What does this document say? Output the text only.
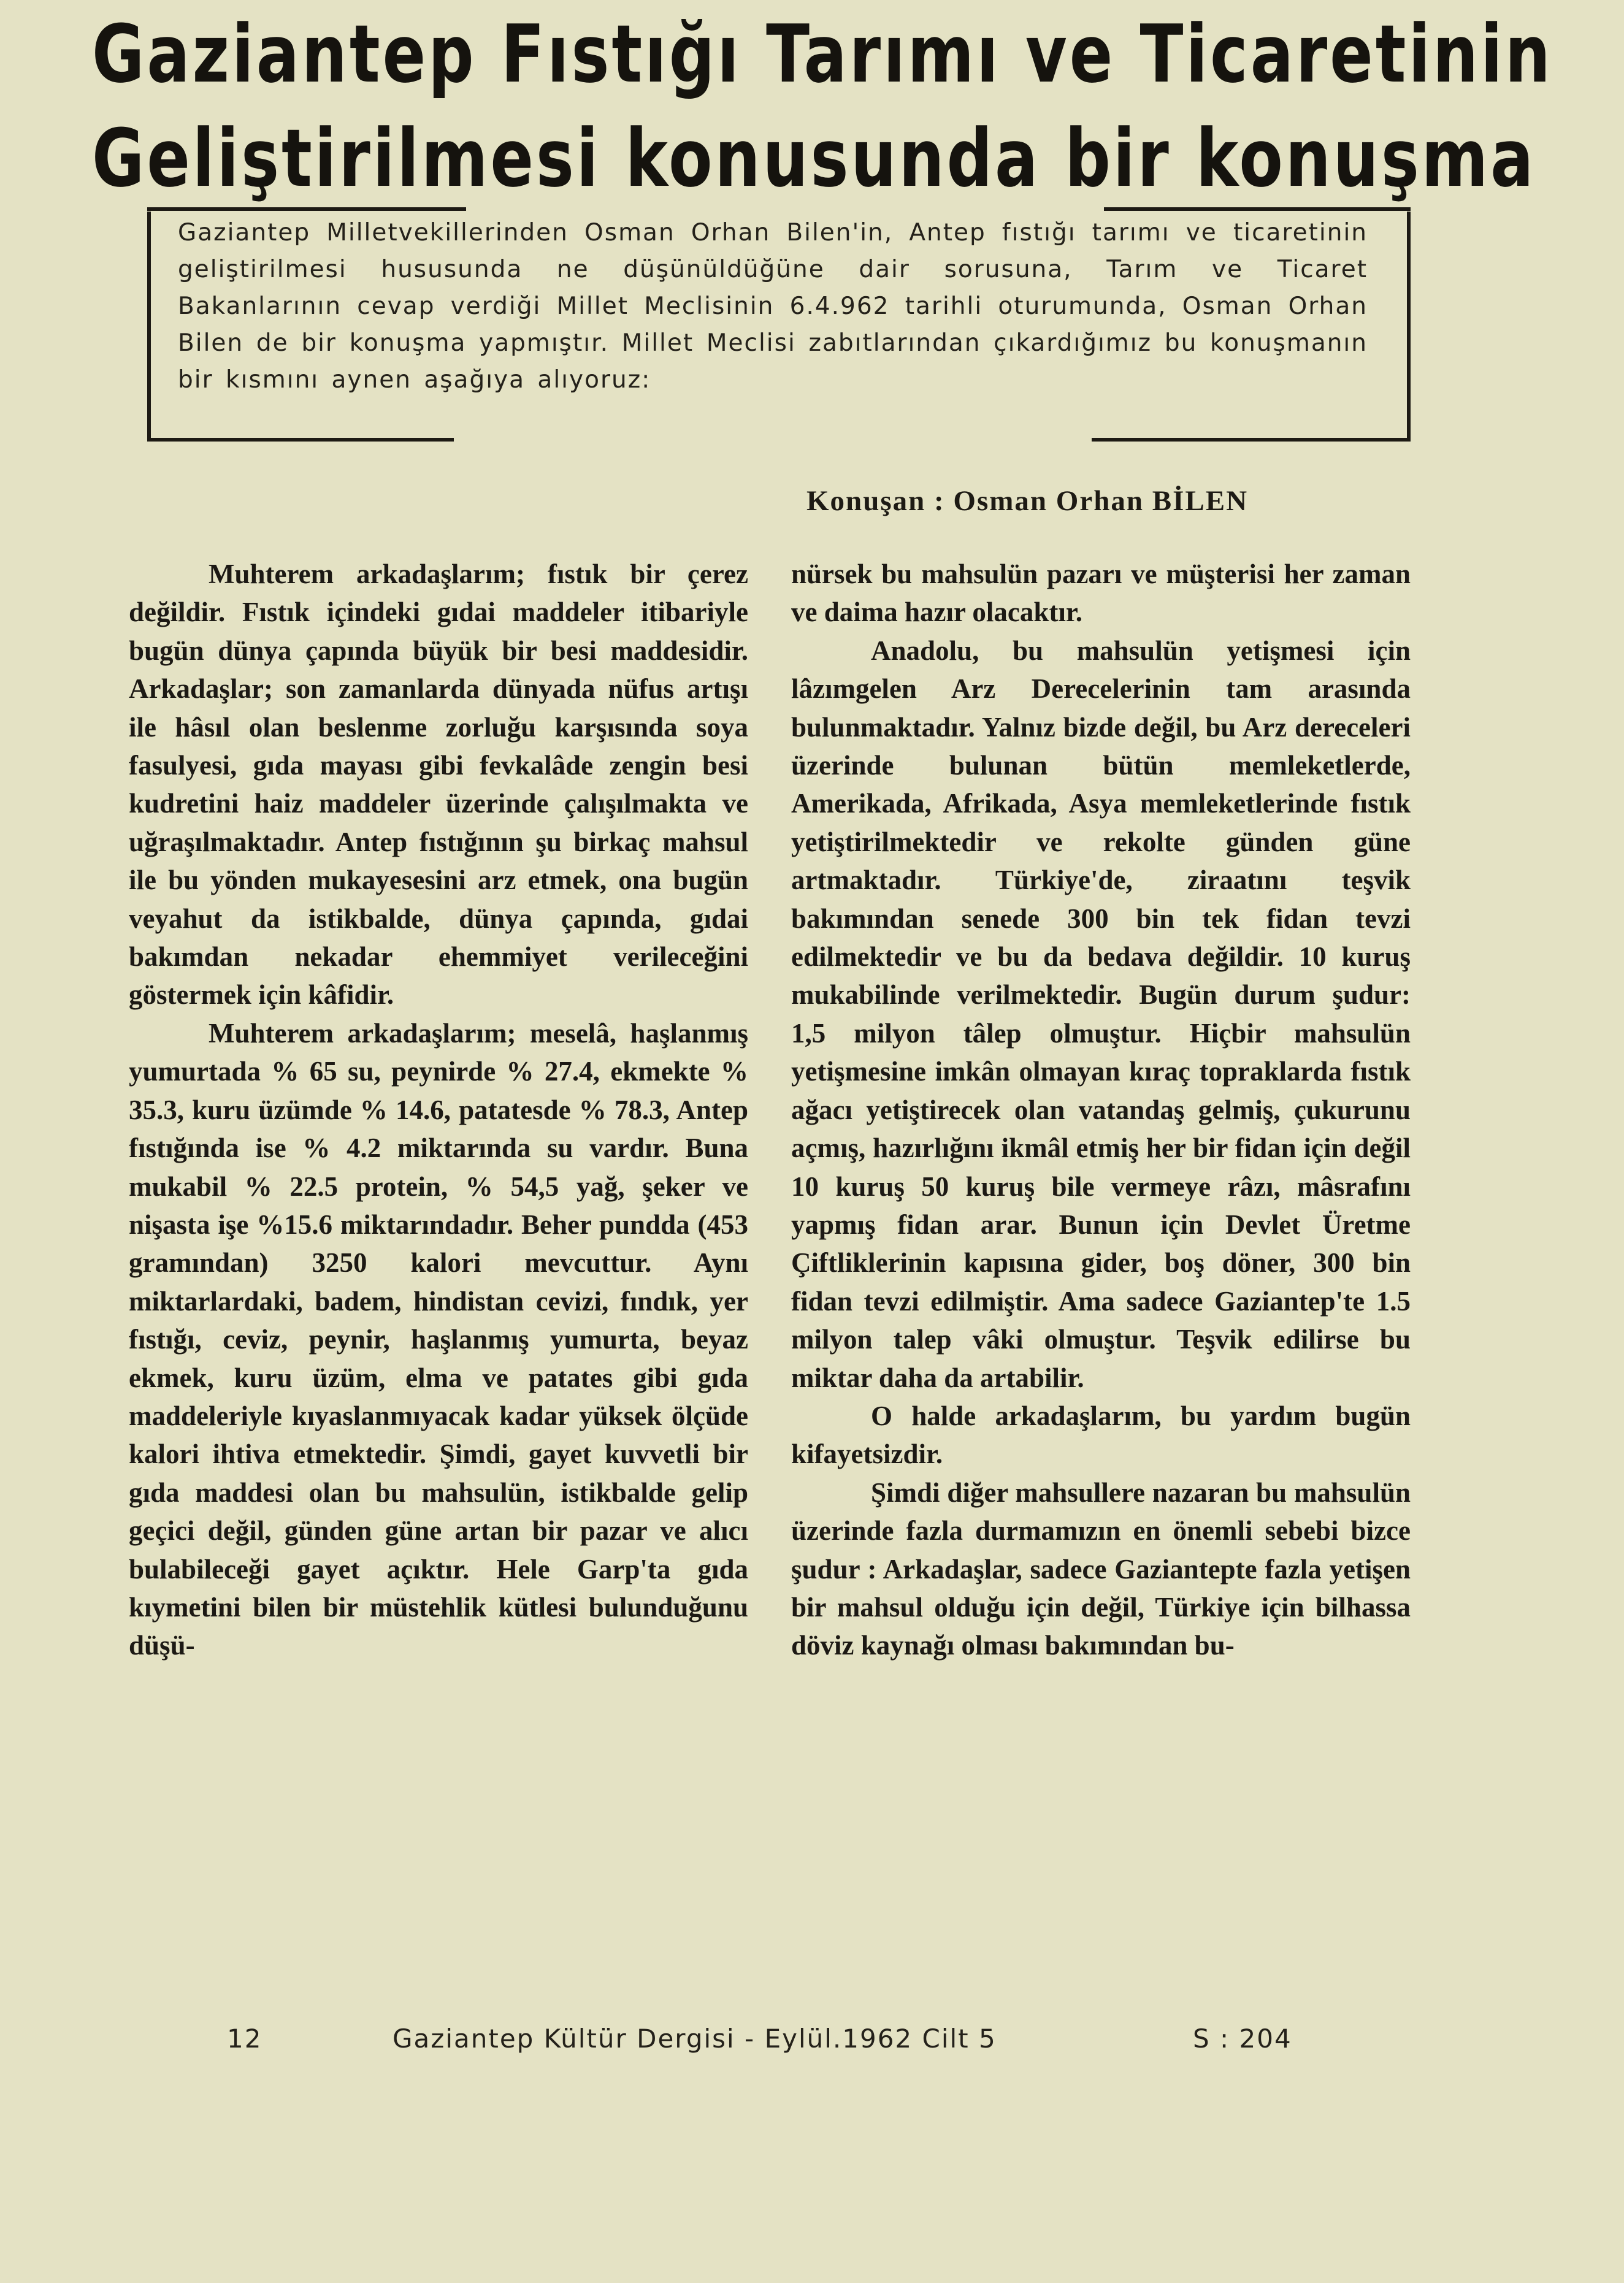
Gaziantep Fıstığı Tarımı ve Ticaretinin
Geliştirilmesi konusunda bir konuşma

Gaziantep Milletvekillerinden Osman Orhan Bilen'in, Antep fıstığı tarımı ve ticaretinin geliştirilmesi hususunda ne düşünüldüğüne dair sorusuna, Tarım ve Ticaret Bakanlarının cevap verdiği Millet Meclisinin 6.4.962 tarihli oturumunda, Osman Orhan Bilen de bir konuşma yapmıştır. Millet Meclisi zabıtlarından çıkardığımız bu konuşmanın bir kısmını aynen aşağıya alıyoruz:

Konuşan : Osman Orhan BİLEN

Muhterem arkadaşlarım; fıstık bir çerez değildir. Fıstık içindeki gıdai maddeler itibariyle bugün dünya çapında büyük bir besi maddesidir. Arkadaşlar; son zamanlarda dünyada nüfus artışı ile hâsıl olan beslenme zorluğu karşısında soya fasulyesi, gıda mayası gibi fevkalâde zengin besi kudretini haiz maddeler üzerinde çalışılmakta ve uğraşılmaktadır. Antep fıstığının şu birkaç mahsul ile bu yönden mukayesesini arz etmek, ona bugün veyahut da istikbalde, dünya çapında, gıdai bakımdan nekadar ehemmiyet verileceğini göstermek için kâfidir.

Muhterem arkadaşlarım; meselâ, haşlanmış yumurtada % 65 su, peynirde % 27.4, ekmekte % 35.3, kuru üzümde % 14.6, patatesde % 78.3, Antep fıstığında ise % 4.2 miktarında su vardır. Buna mukabil % 22.5 protein, % 54,5 yağ, şeker ve nişasta işe %15.6 miktarındadır. Beher pundda (453 gramından) 3250 kalori mevcuttur. Aynı miktarlardaki, badem, hindistan cevizi, fındık, yer fıstığı, ceviz, peynir, haşlanmış yumurta, beyaz ekmek, kuru üzüm, elma ve patates gibi gıda maddeleriyle kıyaslanmıyacak kadar yüksek ölçüde kalori ihtiva etmektedir. Şimdi, gayet kuvvetli bir gıda maddesi olan bu mahsulün, istikbalde gelip geçici değil, günden güne artan bir pazar ve alıcı bulabileceği gayet açıktır. Hele Garp'ta gıda kıymetini bilen bir müstehlik kütlesi bulunduğunu düşü-

nürsek bu mahsulün pazarı ve müşterisi her zaman ve daima hazır olacaktır.

Anadolu, bu mahsulün yetişmesi için lâzımgelen Arz Derecelerinin tam arasında bulunmaktadır. Yalnız bizde değil, bu Arz dereceleri üzerinde bulunan bütün memleketlerde, Amerikada, Afrikada, Asya memleketlerinde fıstık yetiştirilmektedir ve rekolte günden güne artmaktadır. Türkiye'de, ziraatını teşvik bakımından senede 300 bin tek fidan tevzi edilmektedir ve bu da bedava değildir. 10 kuruş mukabilinde verilmektedir. Bugün durum şudur: 1,5 milyon tâlep olmuştur. Hiçbir mahsulün yetişmesine imkân olmayan kıraç topraklarda fıstık ağacı yetiştirecek olan vatandaş gelmiş, çukurunu açmış, hazırlığını ikmâl etmiş her bir fidan için değil 10 kuruş 50 kuruş bile vermeye râzı, mâsrafını yapmış fidan arar. Bunun için Devlet Üretme Çiftliklerinin kapısına gider, boş döner, 300 bin fidan tevzi edilmiştir. Ama sadece Gaziantep'te 1.5 milyon talep vâki olmuştur. Teşvik edilirse bu miktar daha da artabilir.

O halde arkadaşlarım, bu yardım bugün kifayetsizdir.

Şimdi diğer mahsullere nazaran bu mahsulün üzerinde fazla durmamızın en önemli sebebi bizce şudur : Arkadaşlar, sadece Gaziantepte fazla yetişen bir mahsul olduğu için değil, Türkiye için bilhassa döviz kaynağı olması bakımından bu-

12	Gaziantep Kültür Dergisi - Eylül.1962 Cilt 5	S : 204
